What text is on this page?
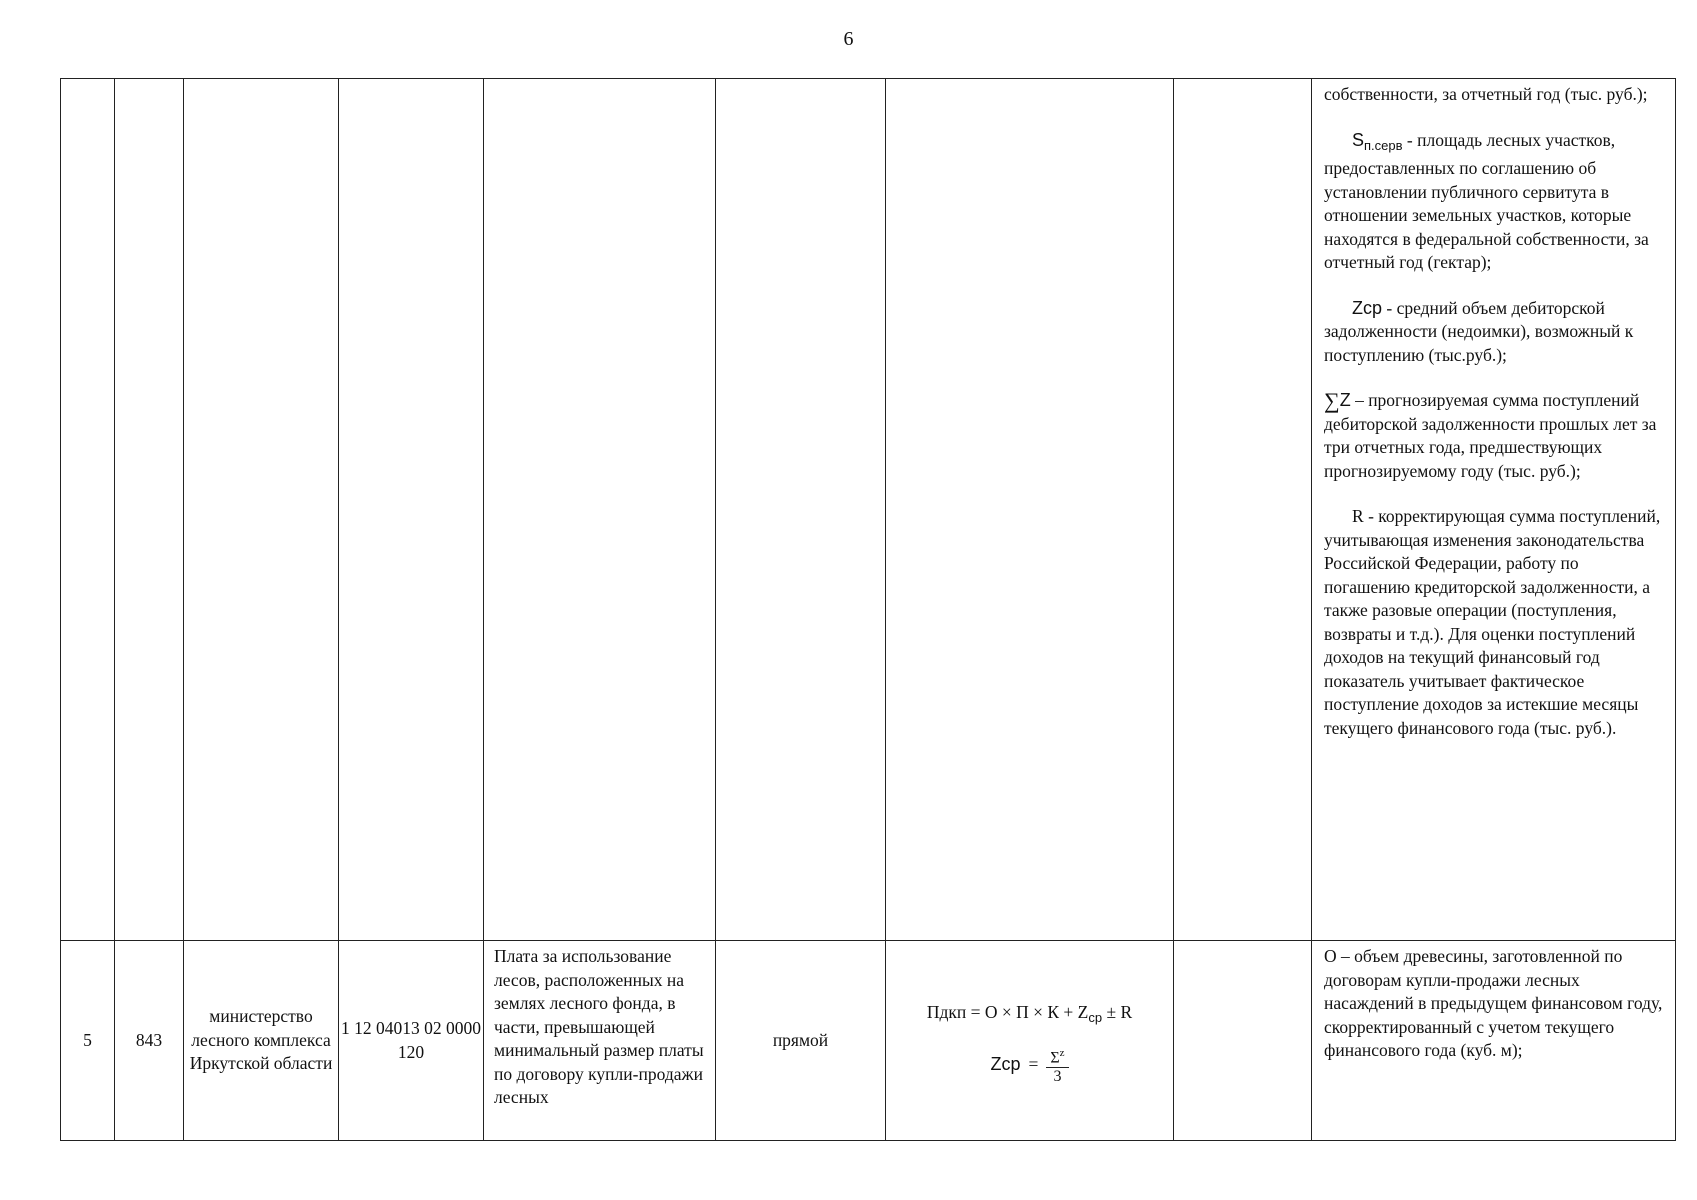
6

								собственности, за отчетный год (тыс. руб.);

$S_{п.серв}$ - площадь лесных участков, предоставленных по соглашению об установлении публичного сервитута в отношении земельных участков, которые находятся в федеральной собственности, за отчетный год (гектар);

Zср - средний объем дебиторской задолженности (недоимки), возможный к поступлению (тыс.руб.);

∑Z – прогнозируемая сумма поступлений дебиторской задолженности прошлых лет за три отчетных года, предшествующих прогнозируемому году (тыс. руб.);

R - корректирующая сумма поступлений, учитывающая изменения законодательства Российской Федерации, работу по погашению кредиторской задолженности, а также разовые операции (поступления, возвраты и т.д.). Для оценки поступлений доходов на текущий финансовый год показатель учитывает фактическое поступление доходов за истекшие месяцы текущего финансового года (тыс. руб.).

5	843	министерство лесного комплекса Иркутской области	1 12 04013 02 0000 120	Плата за использование лесов, расположенных на землях лесного фонда, в части, превышающей минимальный размер платы по договору купли-продажи лесных	прямой	Пдкп = $О \times П \times К + Z_{ср} \pm R$
Zср = $\frac{\Sigma^z}{3}$		О – объем древесины, заготовленной по договорам купли-продажи лесных насаждений в предыдущем финансовом году, скорректированный с учетом текущего финансового года (куб. м);
